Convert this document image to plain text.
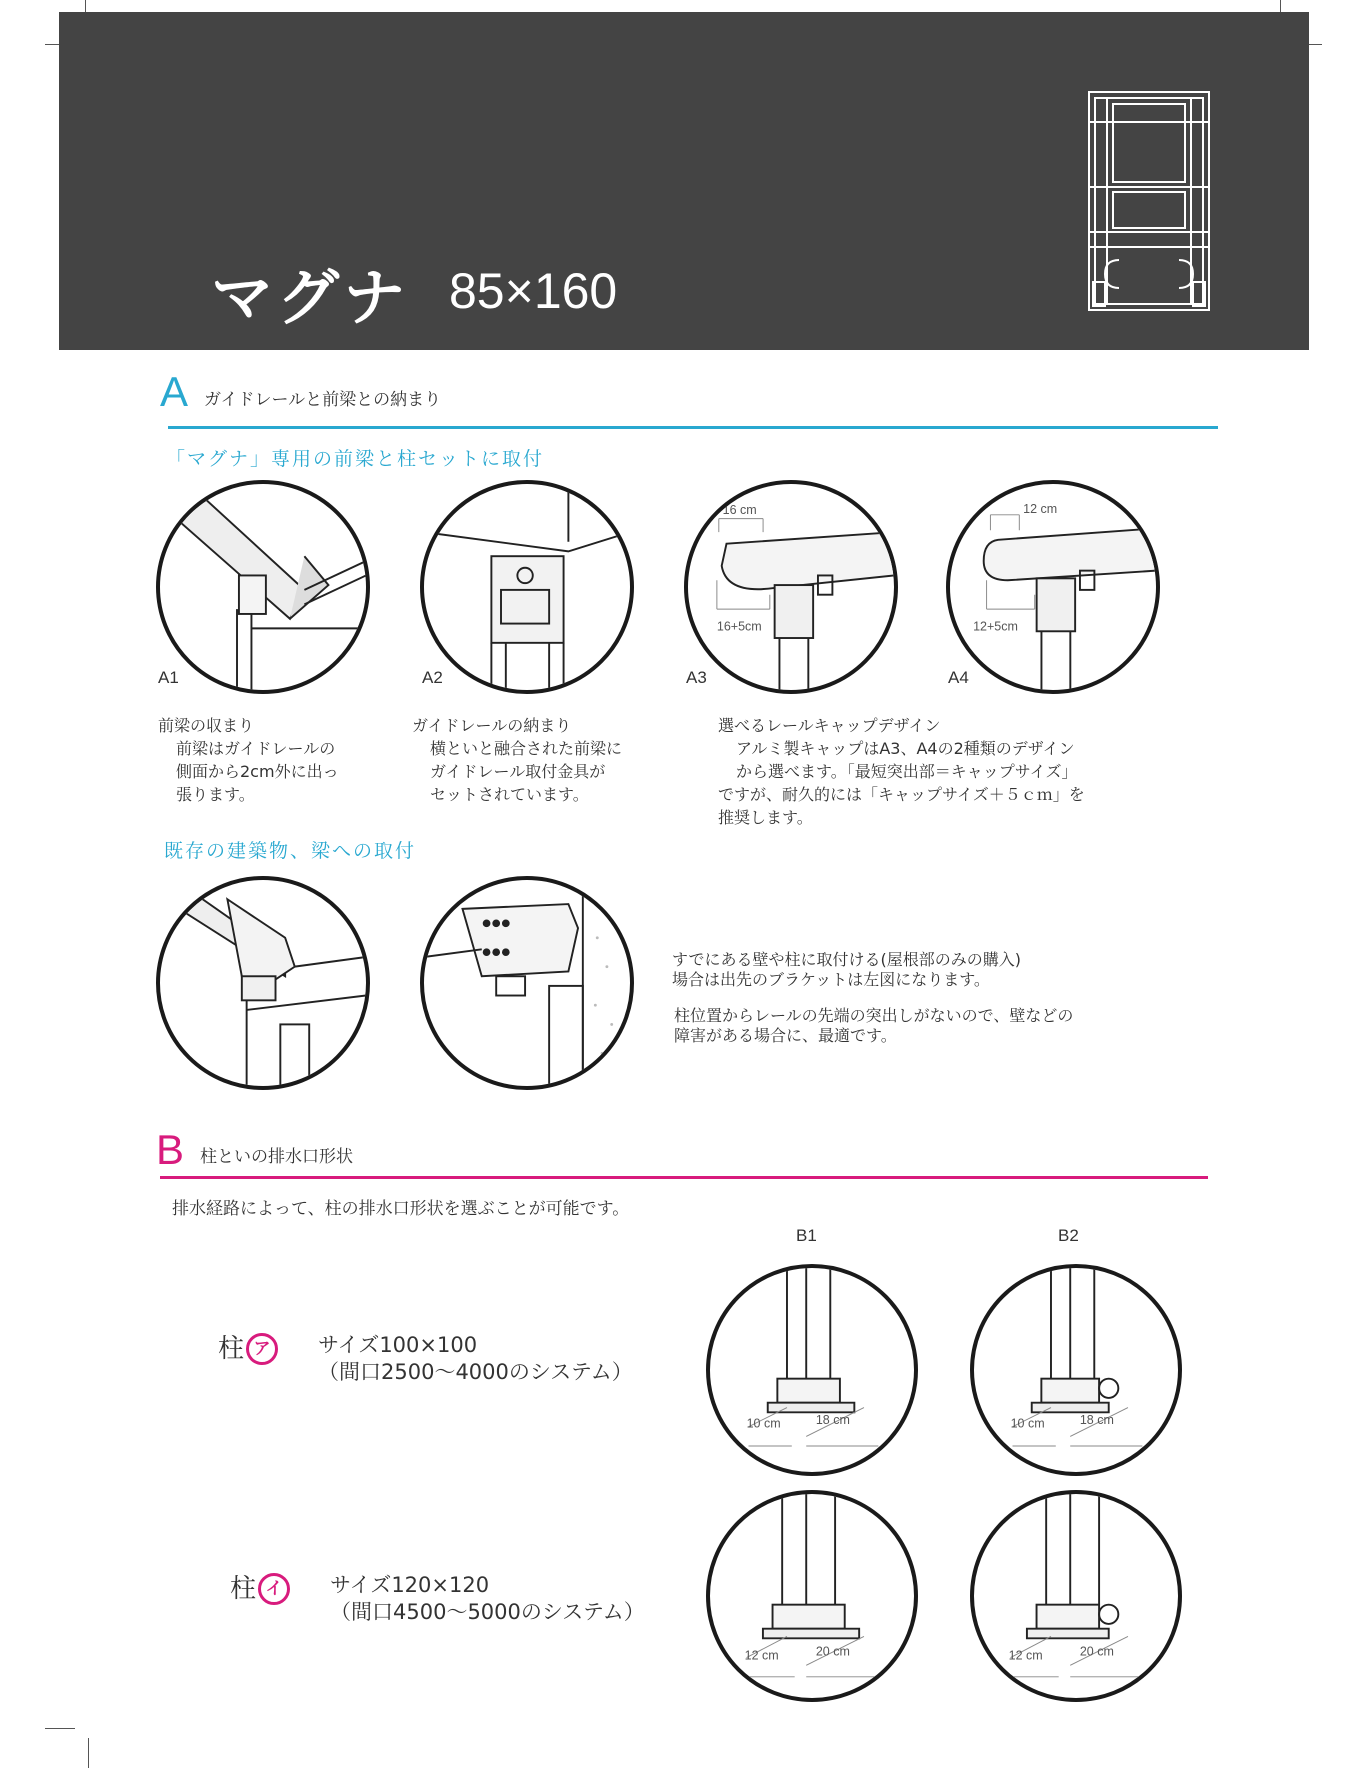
マグナ 85×160
A ガイドレールと前梁との納まり
「マグナ」専用の前梁と柱セットに取付
A1	A2
16 cm
16+5cm
A3
12 cm
12+5cm
A4
前梁の収まり
前梁はガイドレールの
側面から2cm外に出っ
張ります。
ガイドレールの納まり
横といと融合された前梁に
ガイドレール取付金具が
セットされています。
選べるレールキャップデザイン
アルミ製キャップはA3、A4の2種類のデザイン
から選べます。「最短突出部＝キャップサイズ」
ですが、耐久的には「キャップサイズ＋５ｃｍ」を
推奨します。
既存の建築物、梁への取付
すでにある壁や柱に取付ける(屋根部のみの購入)
場合は出先のブラケットは左図になります。
柱位置からレールの先端の突出しがないので、壁などの
障害がある場合に、最適です。
B 柱といの排水口形状
排水経路によって、柱の排水口形状を選ぶことが可能です。
B1	B2
柱 ア	サイズ100×100
（間口2500～4000のシステム）
柱 イ	サイズ120×120
（間口4500～5000のシステム）
10 cm	18 cm	10 cm	18 cm
12 cm	20 cm	12 cm	20 cm
